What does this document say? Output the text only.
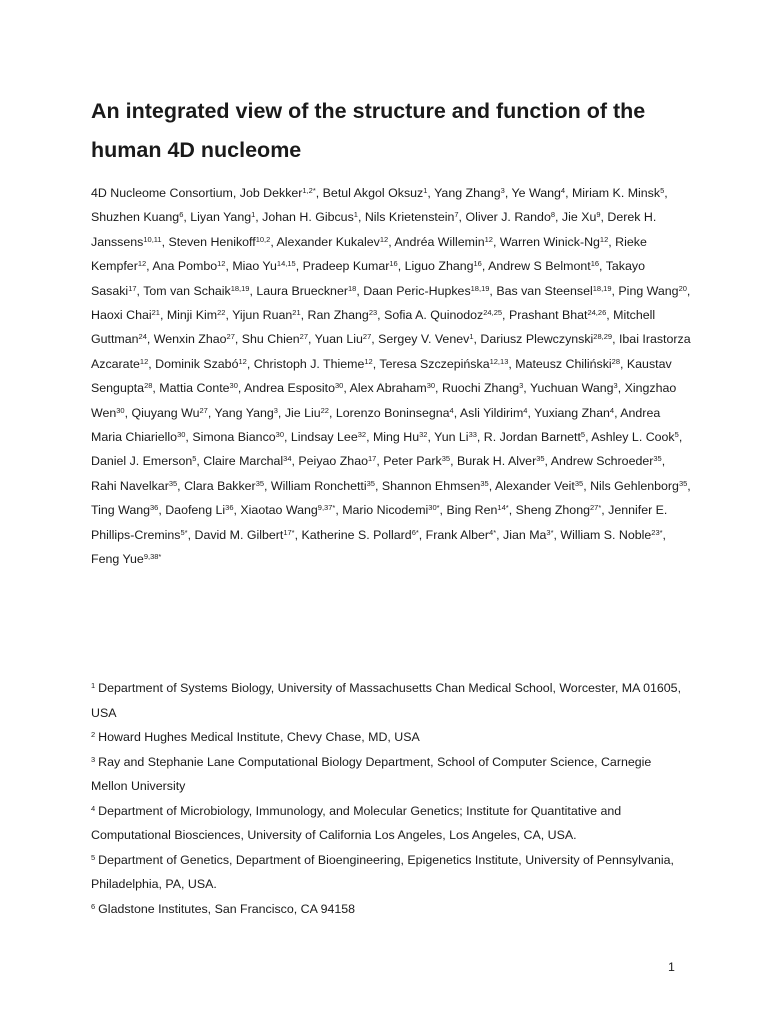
An integrated view of the structure and function of the human 4D nucleome

4D Nucleome Consortium, Job Dekker$^{1,2*}$, Betul Akgol Oksuz$^1$, Yang Zhang$^3$, Ye Wang$^4$, Miriam K. Minsk$^5$, Shuzhen Kuang$^6$, Liyan Yang$^1$, Johan H. Gibcus$^1$, Nils Krietenstein$^7$, Oliver J. Rando$^8$, Jie Xu$^9$, Derek H. Janssens$^{10,11}$, Steven Henikoff$^{10,2}$, Alexander Kukalev$^{12}$, Andréa Willemin$^{12}$, Warren Winick-Ng$^{12}$, Rieke Kempfer$^{12}$, Ana Pombo$^{12}$, Miao Yu$^{14,15}$, Pradeep Kumar$^{16}$, Liguo Zhang$^{16}$, Andrew S Belmont$^{16}$, Takayo Sasaki$^{17}$, Tom van Schaik$^{18,19}$, Laura Brueckner$^{18}$, Daan Peric-Hupkes$^{18,19}$, Bas van Steensel$^{18,19}$, Ping Wang$^{20}$, Haoxi Chai$^{21}$, Minji Kim$^{22}$, Yijun Ruan$^{21}$, Ran Zhang$^{23}$, Sofia A. Quinodoz$^{24,25}$, Prashant Bhat$^{24,26}$, Mitchell Guttman$^{24}$, Wenxin Zhao$^{27}$, Shu Chien$^{27}$, Yuan Liu$^{27}$, Sergey V. Venev$^1$, Dariusz Plewczynski$^{28,29}$, Ibai Irastorza Azcarate$^{12}$, Dominik Szabó$^{12}$, Christoph J. Thieme$^{12}$, Teresa Szczepińska$^{12,13}$, Mateusz Chiliński$^{28}$, Kaustav Sengupta$^{28}$, Mattia Conte$^{30}$, Andrea Esposito$^{30}$, Alex Abraham$^{30}$, Ruochi Zhang$^3$, Yuchuan Wang$^3$, Xingzhao Wen$^{30}$, Qiuyang Wu$^{27}$, Yang Yang$^3$, Jie Liu$^{22}$, Lorenzo Boninsegna$^4$, Asli Yildirim$^4$, Yuxiang Zhan$^4$, Andrea Maria Chiariello$^{30}$, Simona Bianco$^{30}$, Lindsay Lee$^{32}$, Ming Hu$^{32}$, Yun Li$^{33}$, R. Jordan Barnett$^5$, Ashley L. Cook$^5$, Daniel J. Emerson$^5$, Claire Marchal$^{34}$, Peiyao Zhao$^{17}$, Peter Park$^{35}$, Burak H. Alver$^{35}$, Andrew Schroeder$^{35}$, Rahi Navelkar$^{35}$, Clara Bakker$^{35}$, William Ronchetti$^{35}$, Shannon Ehmsen$^{35}$, Alexander Veit$^{35}$, Nils Gehlenborg$^{35}$, Ting Wang$^{36}$, Daofeng Li$^{36}$, Xiaotao Wang$^{9,37*}$, Mario Nicodemi$^{30*}$, Bing Ren$^{14*}$, Sheng Zhong$^{27*}$, Jennifer E. Phillips-Cremins$^{5*}$, David M. Gilbert$^{17*}$, Katherine S. Pollard$^{6*}$, Frank Alber$^{4*}$, Jian $Ma^{3*}$, William S. Noble$^{23*}$, Feng Yue$^{9,38*}$

$^1$ Department of Systems Biology, University of Massachusetts Chan Medical School, Worcester, MA 01605, USA
$^2$ Howard Hughes Medical Institute, Chevy Chase, MD, USA
$^3$ Ray and Stephanie Lane Computational Biology Department, School of Computer Science, Carnegie Mellon University
$^4$ Department of Microbiology, Immunology, and Molecular Genetics; Institute for Quantitative and Computational Biosciences, University of California Los Angeles, Los Angeles, CA, USA.
$^5$ Department of Genetics, Department of Bioengineering, Epigenetics Institute, University of Pennsylvania, Philadelphia, PA, USA.
$^6$ Gladstone Institutes, San Francisco, CA 94158
1
